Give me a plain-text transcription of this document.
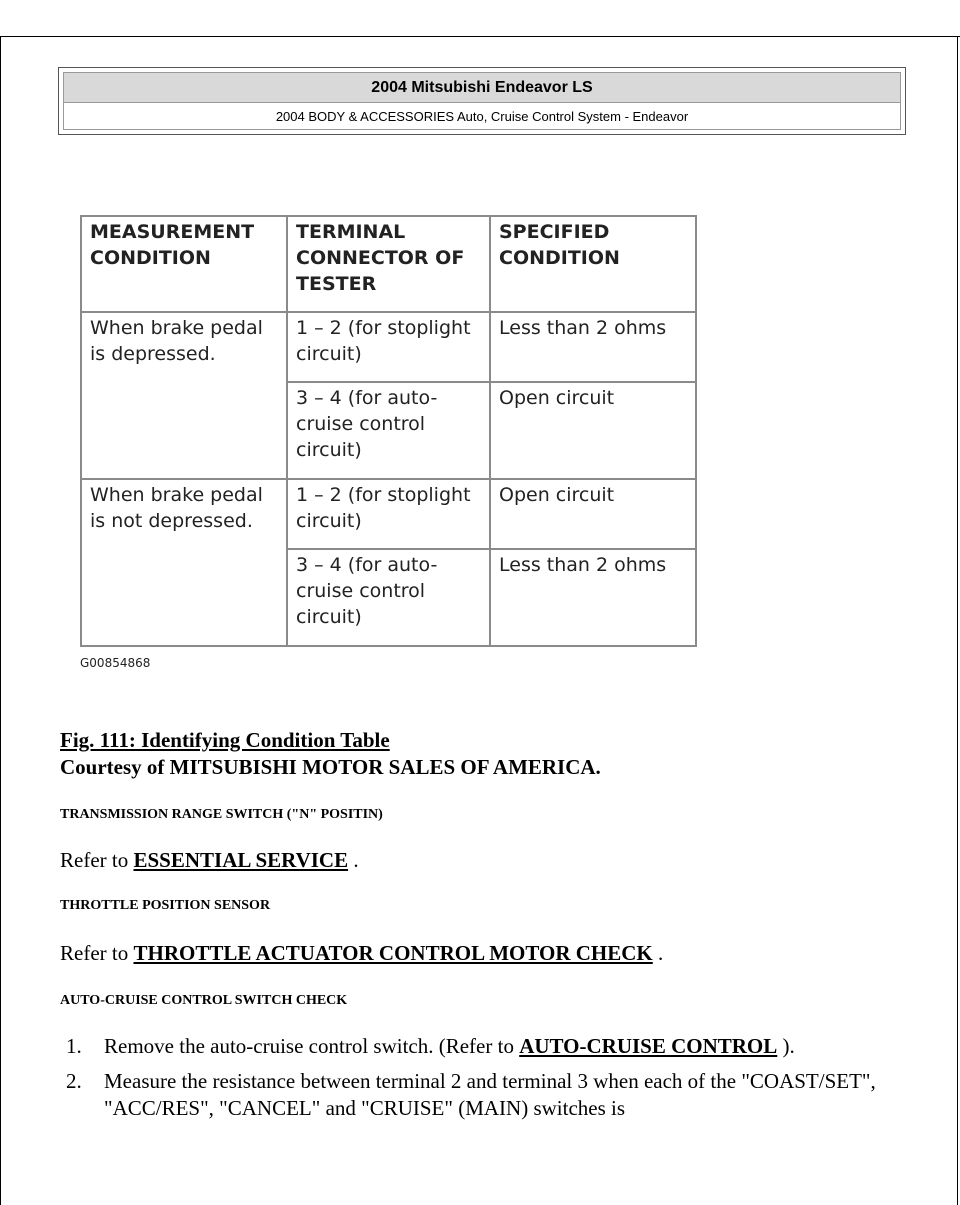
2004 Mitsubishi Endeavor LS
2004 BODY & ACCESSORIES Auto, Cruise Control System - Endeavor
MEASUREMENT CONDITION	TERMINAL CONNECTOR OF TESTER	SPECIFIED CONDITION
When brake pedal is depressed.	1 – 2 (for stoplight circuit)	Less than 2 ohms
	3 – 4 (for auto-cruise control circuit)	Open circuit
When brake pedal is not depressed.	1 – 2 (for stoplight circuit)	Open circuit
	3 – 4 (for auto-cruise control circuit)	Less than 2 ohms
G00854868
Fig. 111: Identifying Condition Table
Courtesy of MITSUBISHI MOTOR SALES OF AMERICA.
TRANSMISSION RANGE SWITCH ("N" POSITIN)
Refer to ESSENTIAL SERVICE .
THROTTLE POSITION SENSOR
Refer to THROTTLE ACTUATOR CONTROL MOTOR CHECK .
AUTO-CRUISE CONTROL SWITCH CHECK
1. Remove the auto-cruise control switch. (Refer to AUTO-CRUISE CONTROL ).
2. Measure the resistance between terminal 2 and terminal 3 when each of the "COAST/SET", "ACC/RES", "CANCEL" and "CRUISE" (MAIN) switches is
